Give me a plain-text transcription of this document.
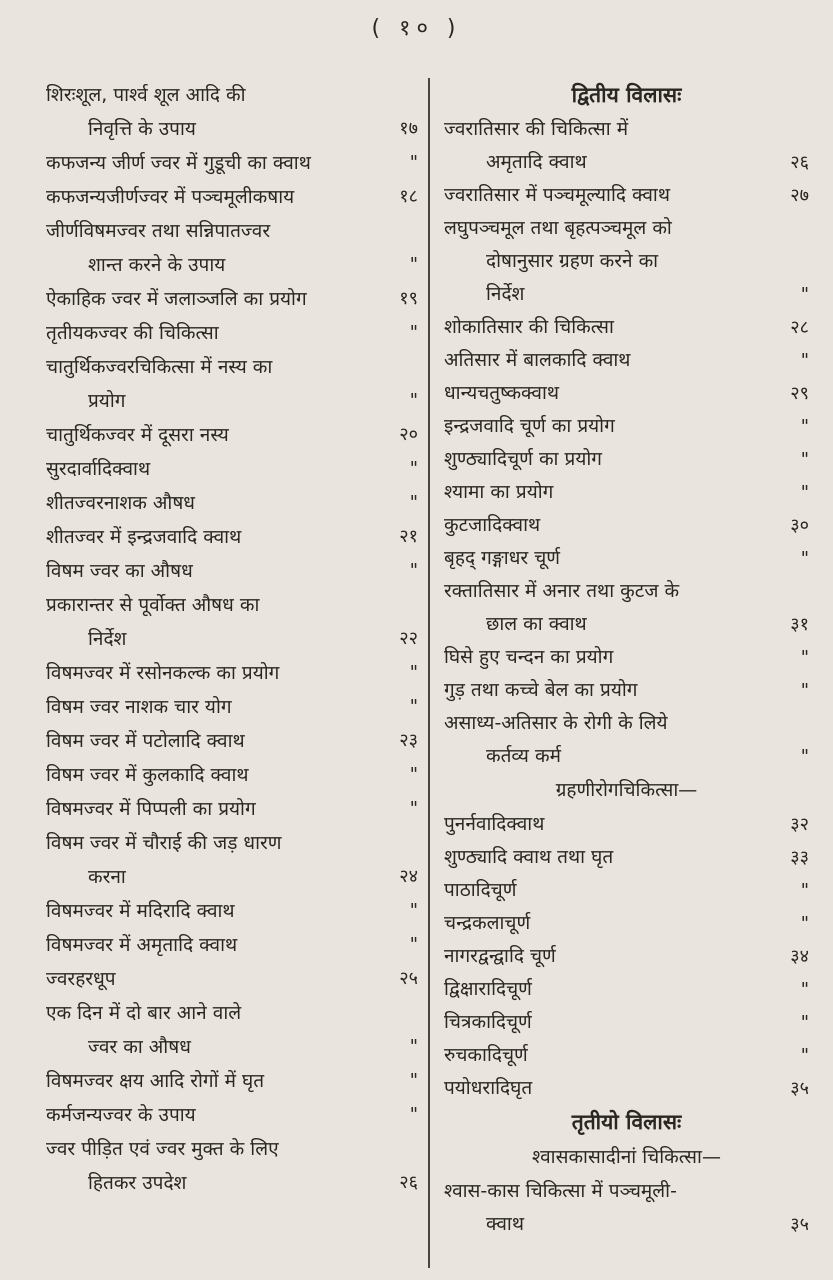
( १० )
शिरःशूल, पार्श्व शूल आदि की
निवृत्ति के उपाय	१७
कफजन्य जीर्ण ज्वर में गुडूची का क्वाथ	"
कफजन्यजीर्णज्वर में पञ्चमूलीकषाय	१८
जीर्णविषमज्वर तथा सन्निपातज्वर
शान्त करने के उपाय	"
ऐकाहिक ज्वर में जलाञ्जलि का प्रयोग	१९
तृतीयकज्वर की चिकित्सा	"
चातुर्थिकज्वरचिकित्सा में नस्य का
प्रयोग	"
चातुर्थिकज्वर में दूसरा नस्य	२०
सुरदार्वादिक्वाथ	"
शीतज्वरनाशक औषध	"
शीतज्वर में इन्द्रजवादि क्वाथ	२१
विषम ज्वर का औषध	"
प्रकारान्तर से पूर्वोक्त औषध का
निर्देश	२२
विषमज्वर में रसोनकल्क का प्रयोग	"
विषम ज्वर नाशक चार योग	"
विषम ज्वर में पटोलादि क्वाथ	२३
विषम ज्वर में कुलकादि क्वाथ	"
विषमज्वर में पिप्पली का प्रयोग	"
विषम ज्वर में चौराई की जड़ धारण
करना	२४
विषमज्वर में मदिरादि क्वाथ	"
विषमज्वर में अमृतादि क्वाथ	"
ज्वरहरधूप	२५
एक दिन में दो बार आने वाले
ज्वर का औषध	"
विषमज्वर क्षय आदि रोगों में घृत	"
कर्मजन्यज्वर के उपाय	"
ज्वर पीड़ित एवं ज्वर मुक्त के लिए
हितकर उपदेश	२६
द्वितीय विलासः
ज्वरातिसार की चिकित्सा में
अमृतादि क्वाथ	२६
ज्वरातिसार में पञ्चमूल्यादि क्वाथ	२७
लघुपञ्चमूल तथा बृहत्पञ्चमूल को
दोषानुसार ग्रहण करने का
निर्देश	"
शोकातिसार की चिकित्सा	२८
अतिसार में बालकादि क्वाथ	"
धान्यचतुष्कक्वाथ	२९
इन्द्रजवादि चूर्ण का प्रयोग	"
शुण्ठ्यादिचूर्ण का प्रयोग	"
श्यामा का प्रयोग	"
कुटजादिक्वाथ	३०
बृहद् गङ्गाधर चूर्ण	"
रक्तातिसार में अनार तथा कुटज के
छाल का क्वाथ	३१
घिसे हुए चन्दन का प्रयोग	"
गुड़ तथा कच्चे बेल का प्रयोग	"
असाध्य-अतिसार के रोगी के लिये
कर्तव्य कर्म	"
ग्रहणीरोगचिकित्सा—
पुनर्नवादिक्वाथ	३२
शुण्ठ्यादि क्वाथ तथा घृत	३३
पाठादिचूर्ण	"
चन्द्रकलाचूर्ण	"
नागरद्वन्द्वादि चूर्ण	३४
द्विक्षारादिचूर्ण	"
चित्रकादिचूर्ण	"
रुचकादिचूर्ण	"
पयोधरादिघृत	३५
तृतीयो विलासः
श्वासकासादीनां चिकित्सा—
श्वास-कास चिकित्सा में पञ्चमूली-
क्वाथ	३५
